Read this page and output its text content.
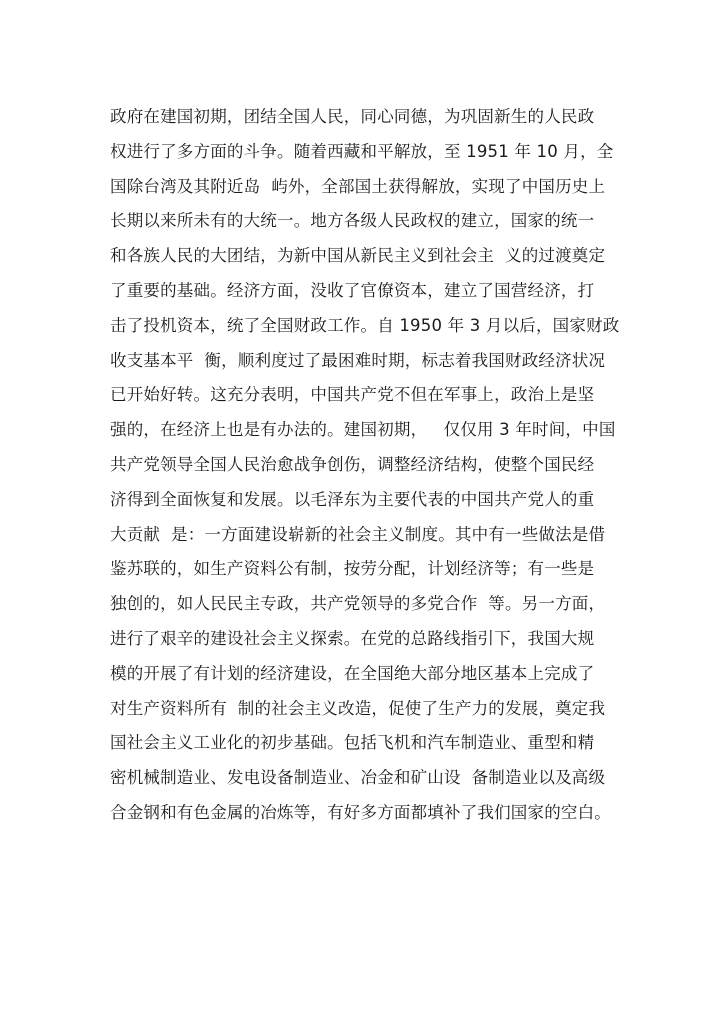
政府在建国初期，团结全国人民，同心同德，为巩固新生的人民政
权进行了多方面的斗争。随着西藏和平解放，至 1951 年 10 月，全
国除台湾及其附近岛  屿外，全部国土获得解放，实现了中国历史上
长期以来所未有的大统一。地方各级人民政权的建立，国家的统一
和各族人民的大团结，为新中国从新民主义到社会主  义的过渡奠定
了重要的基础。经济方面，没收了官僚资本，建立了国营经济，打
击了投机资本，统了全国财政工作。自 1950 年 3 月以后，国家财政
收支基本平  衡，顺利度过了最困难时期，标志着我国财政经济状况
已开始好转。这充分表明，中国共产党不但在军事上，政治上是坚
强的，在经济上也是有办法的。建国初期，   仅仅用 3 年时间，中国
共产党领导全国人民治愈战争创伤，调整经济结构，使整个国民经
济得到全面恢复和发展。以毛泽东为主要代表的中国共产党人的重
大贡献  是：一方面建设崭新的社会主义制度。其中有一些做法是借
鉴苏联的，如生产资料公有制，按劳分配，计划经济等；有一些是
独创的，如人民民主专政，共产党领导的多党合作  等。另一方面，
进行了艰辛的建设社会主义探索。在党的总路线指引下，我国大规
模的开展了有计划的经济建设，在全国绝大部分地区基本上完成了
对生产资料所有  制的社会主义改造，促使了生产力的发展，奠定我
国社会主义工业化的初步基础。包括飞机和汽车制造业、重型和精
密机械制造业、发电设备制造业、冶金和矿山设  备制造业以及高级
合金钢和有色金属的冶炼等，有好多方面都填补了我们国家的空白。
